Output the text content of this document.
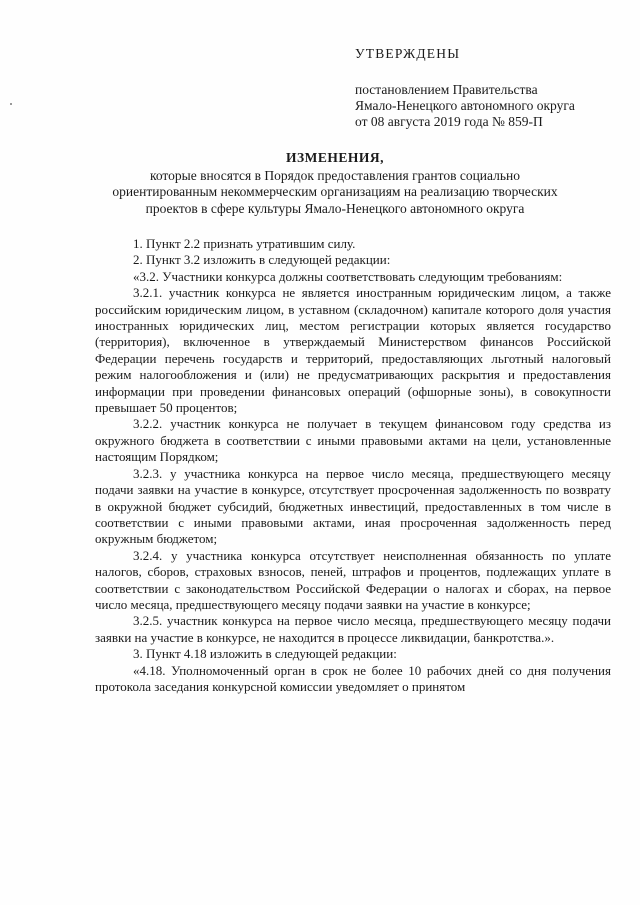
УТВЕРЖДЕНЫ
постановлением Правительства
Ямало-Ненецкого автономного округа
от 08 августа 2019 года № 859-П
ИЗМЕНЕНИЯ,
которые вносятся в Порядок предоставления грантов социально ориентированным некоммерческим организациям на реализацию творческих проектов в сфере культуры Ямало-Ненецкого автономного округа

1. Пункт 2.2 признать утратившим силу.

2. Пункт 3.2 изложить в следующей редакции:

«3.2. Участники конкурса должны соответствовать следующим требованиям:

3.2.1. участник конкурса не является иностранным юридическим лицом, а также российским юридическим лицом, в уставном (складочном) капитале которого доля участия иностранных юридических лиц, местом регистрации которых является государство (территория), включенное в утверждаемый Министерством финансов Российской Федерации перечень государств и территорий, предоставляющих льготный налоговый режим налогообложения и (или) не предусматривающих раскрытия и предоставления информации при проведении финансовых операций (офшорные зоны), в совокупности превышает 50 процентов;

3.2.2. участник конкурса не получает в текущем финансовом году средства из окружного бюджета в соответствии с иными правовыми актами на цели, установленные настоящим Порядком;

3.2.3. у участника конкурса на первое число месяца, предшествующего месяцу подачи заявки на участие в конкурсе, отсутствует просроченная задолженность по возврату в окружной бюджет субсидий, бюджетных инвестиций, предоставленных в том числе в соответствии с иными правовыми актами, иная просроченная задолженность перед окружным бюджетом;

3.2.4. у участника конкурса отсутствует неисполненная обязанность по уплате налогов, сборов, страховых взносов, пеней, штрафов и процентов, подлежащих уплате в соответствии с законодательством Российской Федерации о налогах и сборах, на первое число месяца, предшествующего месяцу подачи заявки на участие в конкурсе;

3.2.5. участник конкурса на первое число месяца, предшествующего месяцу подачи заявки на участие в конкурсе, не находится в процессе ликвидации, банкротства.».

3. Пункт 4.18 изложить в следующей редакции:

«4.18. Уполномоченный орган в срок не более 10 рабочих дней со дня получения протокола заседания конкурсной комиссии уведомляет о принятом
